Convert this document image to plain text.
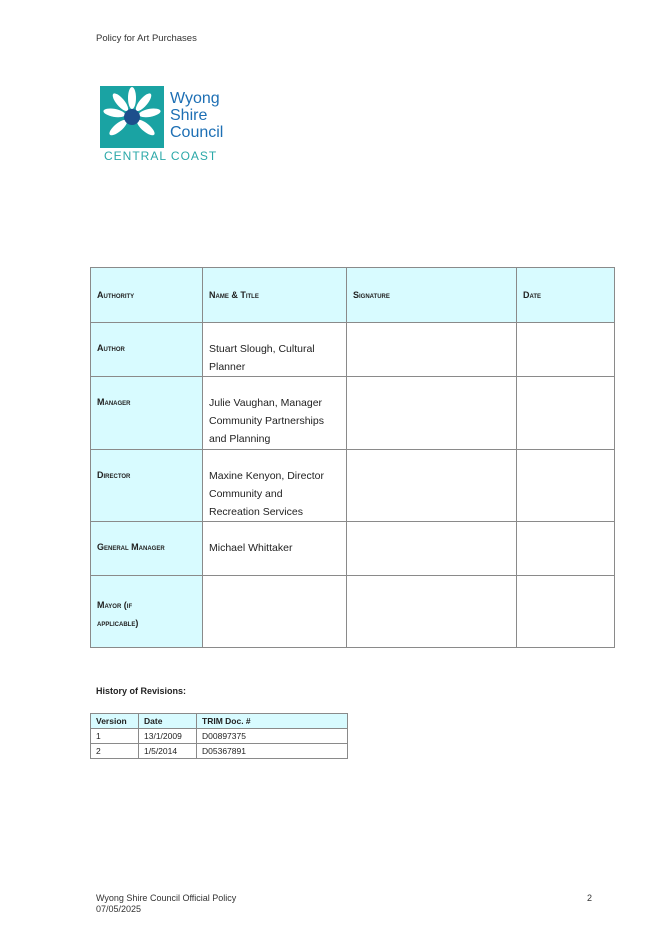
Policy for Art Purchases
Wyong
Shire
Council
CENTRAL COAST
Authority	Name & Title	Signature	Date

Author	Stuart Slough, Cultural
Planner		

Manager	Julie Vaughan, Manager
Community Partnerships
and Planning		

Director	Maxine Kenyon, Director
Community and
Recreation Services		

General Manager	Michael Whittaker		

Mayor (if
applicable)			

History of Revisions:
Version	Date	TRIM Doc. #
1	13/1/2009	D00897375
2	1/5/2014	D05367891
Wyong Shire Council Official Policy
07/05/2025
2
